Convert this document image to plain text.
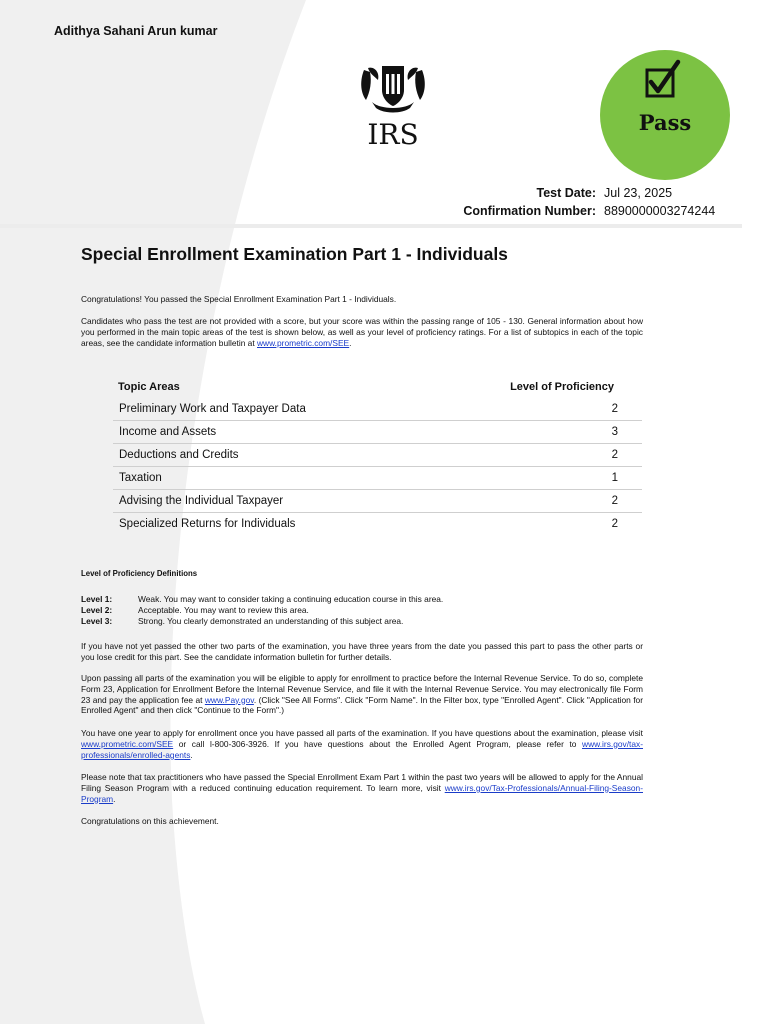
Adithya Sahani Arun kumar
IRS	Pass
Test Date: Jul 23, 2025
Confirmation Number: 8890000003274244
Special Enrollment Examination Part 1 - Individuals
Congratulations! You passed the Special Enrollment Examination Part 1 - Individuals.
Candidates who pass the test are not provided with a score, but your score was within the passing range of 105 - 130. General information about how you performed in the main topic areas of the test is shown below, as well as your level of proficiency ratings. For a list of subtopics in each of the topic areas, see the candidate information bulletin at www.prometric.com/SEE.
Topic Areas	Level of Proficiency
Preliminary Work and Taxpayer Data	2
Income and Assets	3
Deductions and Credits	2
Taxation	1
Advising the Individual Taxpayer	2
Specialized Returns for Individuals	2
Level of Proficiency Definitions
Level 1:	Weak. You may want to consider taking a continuing education course in this area.
Level 2:	Acceptable. You may want to review this area.
Level 3:	Strong. You clearly demonstrated an understanding of this subject area.
If you have not yet passed the other two parts of the examination, you have three years from the date you passed this part to pass the other parts or you lose credit for this part. See the candidate information bulletin for further details.
Upon passing all parts of the examination you will be eligible to apply for enrollment to practice before the Internal Revenue Service. To do so, complete Form 23, Application for Enrollment Before the Internal Revenue Service, and file it with the Internal Revenue Service. You may electronically file Form 23 and pay the application fee at www.Pay.gov. (Click "See All Forms". Click "Form Name". In the Filter box, type "Enrolled Agent". Click "Application for Enrolled Agent" and then click "Continue to the Form".)
You have one year to apply for enrollment once you have passed all parts of the examination. If you have questions about the examination, please visit www.prometric.com/SEE or call l-800-306-3926. If you have questions about the Enrolled Agent Program, please refer to www.irs.gov/tax-professionals/enrolled-agents.
Please note that tax practitioners who have passed the Special Enrollment Exam Part 1 within the past two years will be allowed to apply for the Annual Filing Season Program with a reduced continuing education requirement. To learn more, visit www.irs.gov/Tax-Professionals/Annual-Filing-Season-Program.
Congratulations on this achievement.
